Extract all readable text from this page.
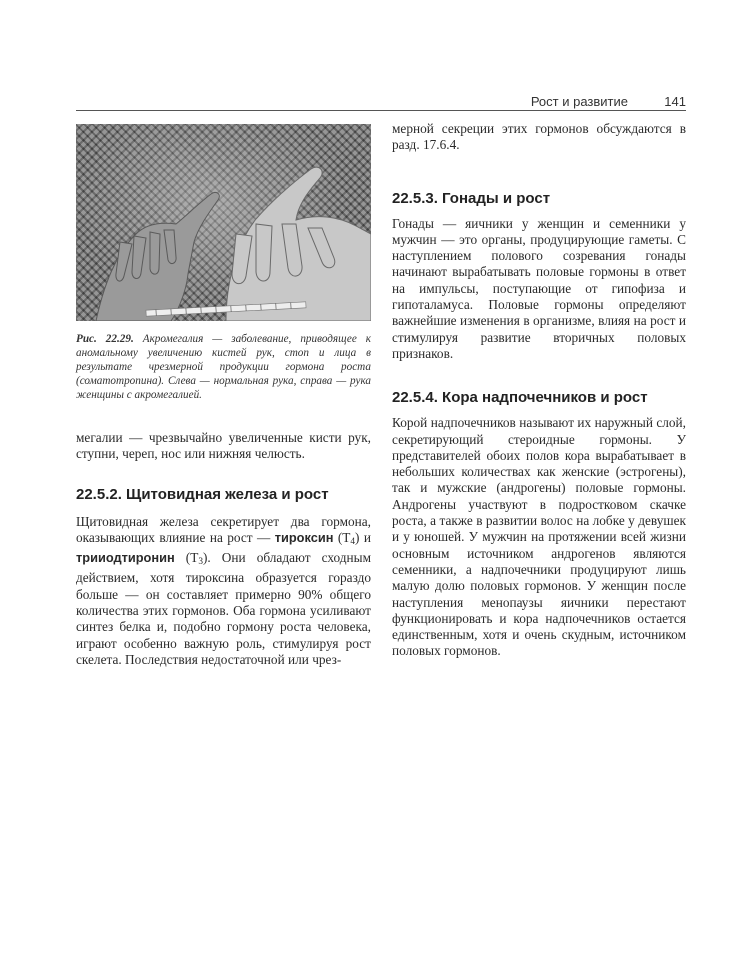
Рост и развитие	141
Рис. 22.29. Акромегалия — заболевание, приводящее к аномальному увеличению кистей рук, стоп и лица в результате чрезмерной продукции гормона роста (соматотропина). Слева — нормальная рука, справа — рука женщины с акромегалией.

мегалии — чрезвычайно увеличенные кисти рук, ступни, череп, нос или нижняя челюсть.

22.5.2. Щитовидная железа и рост

Щитовидная железа секретирует два гормона, оказывающих влияние на рост — тироксин $(T_4)$ и трииодтиронин $(T_3)$. Они обладают сходным действием, хотя тироксина образуется гораздо больше — он составляет примерно 90% общего количества этих гормонов. Оба гормона усиливают синтез белка и, подобно гормону роста человека, играют особенно важную роль, стимулируя рост скелета. Последствия недостаточной или чрез-

мерной секреции этих гормонов обсуждаются в разд. 17.6.4.

22.5.3. Гонады и рост

Гонады — яичники у женщин и семенники у мужчин — это органы, продуцирующие гаметы. С наступлением полового созревания гонады начинают вырабатывать половые гормоны в ответ на импульсы, поступающие от гипофиза и гипоталамуса. Половые гормоны определяют важнейшие изменения в организме, влияя на рост и стимулируя развитие вторичных половых признаков.

22.5.4. Кора надпочечников и рост

Корой надпочечников называют их наружный слой, секретирующий стероидные гормоны. У представителей обоих полов кора вырабатывает в небольших количествах как женские (эстрогены), так и мужские (андрогены) половые гормоны. Андрогены участвуют в подростковом скачке роста, а также в развитии волос на лобке у девушек и у юношей. У мужчин на протяжении всей жизни основным источником андрогенов являются семенники, а надпочечники продуцируют лишь малую долю половых гормонов. У женщин после наступления менопаузы яичники перестают функционировать и кора надпочечников остается единственным, хотя и очень скудным, источником половых гормонов.
